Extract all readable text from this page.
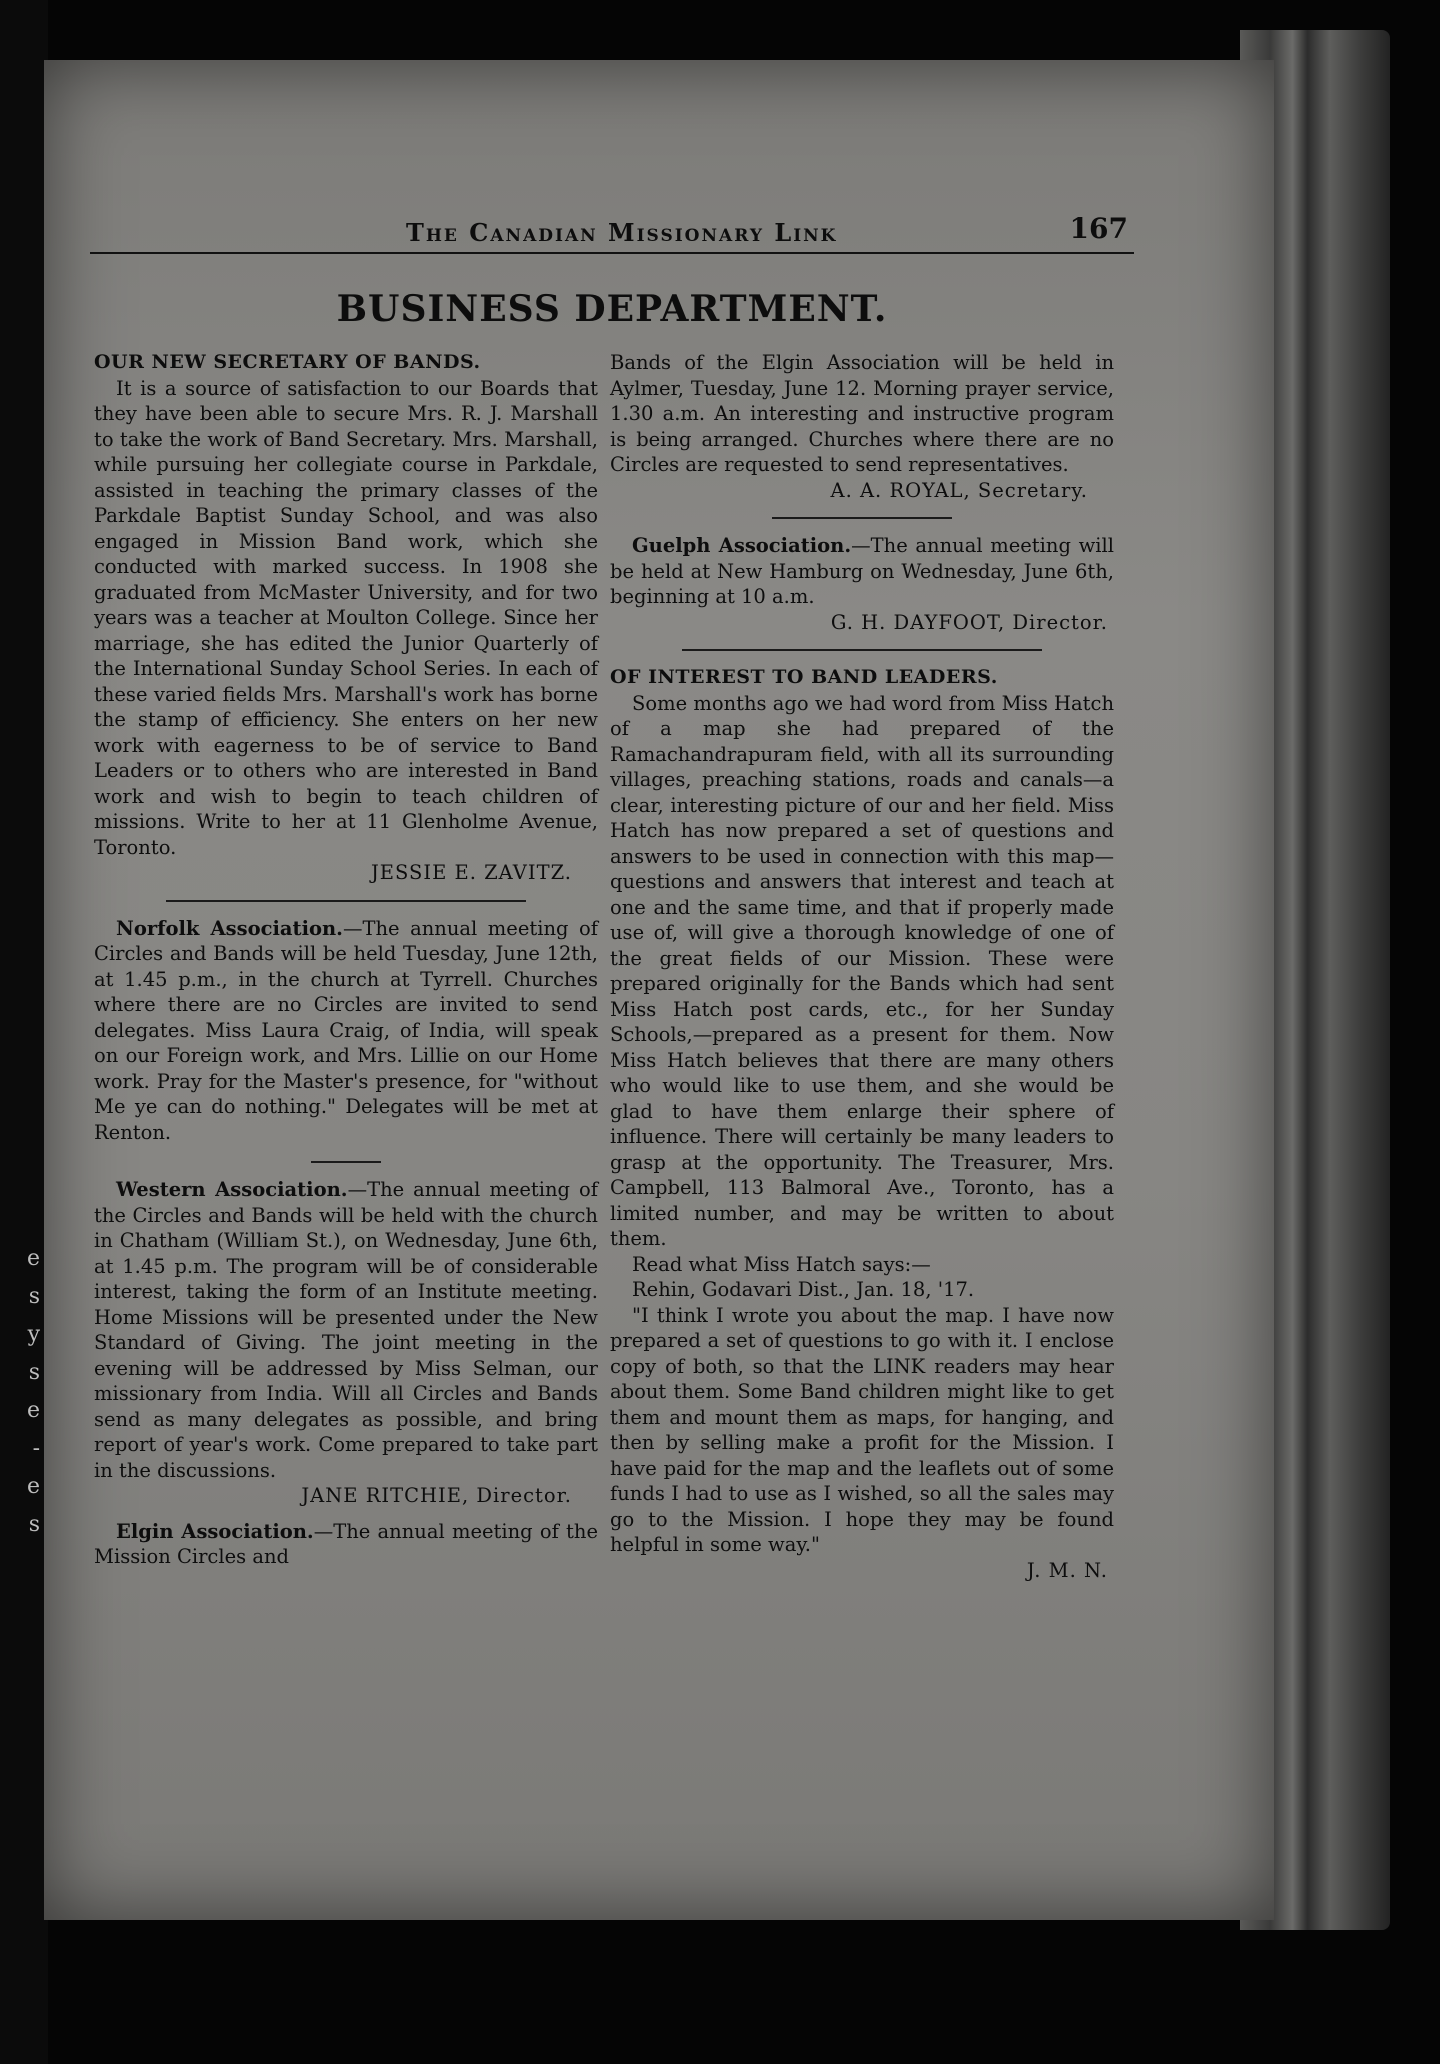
e
s
y
s
e
-
e
s
The Canadian Missionary Link	167
BUSINESS DEPARTMENT.

OUR NEW SECRETARY OF BANDS.

It is a source of satisfaction to our Boards that they have been able to secure Mrs. R. J. Marshall to take the work of Band Secretary. Mrs. Marshall, while pursuing her collegiate course in Parkdale, assisted in teaching the primary classes of the Parkdale Baptist Sunday School, and was also engaged in Mission Band work, which she conducted with marked success. In 1908 she graduated from McMaster University, and for two years was a teacher at Moulton College. Since her marriage, she has edited the Junior Quarterly of the International Sunday School Series. In each of these varied fields Mrs. Marshall's work has borne the stamp of efficiency. She enters on her new work with eagerness to be of service to Band Leaders or to others who are interested in Band work and wish to begin to teach children of missions. Write to her at 11 Glenholme Avenue, Toronto.

JESSIE E. ZAVITZ.

Norfolk Association.—The annual meeting of Circles and Bands will be held Tuesday, June 12th, at 1.45 p.m., in the church at Tyrrell. Churches where there are no Circles are invited to send delegates. Miss Laura Craig, of India, will speak on our Foreign work, and Mrs. Lillie on our Home work. Pray for the Master's presence, for "without Me ye can do nothing." Delegates will be met at Renton.

Western Association.—The annual meeting of the Circles and Bands will be held with the church in Chatham (William St.), on Wednesday, June 6th, at 1.45 p.m. The program will be of considerable interest, taking the form of an Institute meeting. Home Missions will be presented under the New Standard of Giving. The joint meeting in the evening will be addressed by Miss Selman, our missionary from India. Will all Circles and Bands send as many delegates as possible, and bring report of year's work. Come prepared to take part in the discussions.

JANE RITCHIE, Director.

Elgin Association.—The annual meeting of the Mission Circles and

Bands of the Elgin Association will be held in Aylmer, Tuesday, June 12. Morning prayer service, 1.30 a.m. An interesting and instructive program is being arranged. Churches where there are no Circles are requested to send representatives.

A. A. ROYAL, Secretary.

Guelph Association.—The annual meeting will be held at New Hamburg on Wednesday, June 6th, beginning at 10 a.m.

G. H. DAYFOOT, Director.

OF INTEREST TO BAND LEADERS.

Some months ago we had word from Miss Hatch of a map she had prepared of the Ramachandrapuram field, with all its surrounding villages, preaching stations, roads and canals—a clear, interesting picture of our and her field. Miss Hatch has now prepared a set of questions and answers to be used in connection with this map—questions and answers that interest and teach at one and the same time, and that if properly made use of, will give a thorough knowledge of one of the great fields of our Mission. These were prepared originally for the Bands which had sent Miss Hatch post cards, etc., for her Sunday Schools,—prepared as a present for them. Now Miss Hatch believes that there are many others who would like to use them, and she would be glad to have them enlarge their sphere of influence. There will certainly be many leaders to grasp at the opportunity. The Treasurer, Mrs. Campbell, 113 Balmoral Ave., Toronto, has a limited number, and may be written to about them.

Read what Miss Hatch says:—

Rehin, Godavari Dist., Jan. 18, '17.

"I think I wrote you about the map. I have now prepared a set of questions to go with it. I enclose copy of both, so that the LINK readers may hear about them. Some Band children might like to get them and mount them as maps, for hanging, and then by selling make a profit for the Mission. I have paid for the map and the leaflets out of some funds I had to use as I wished, so all the sales may go to the Mission. I hope they may be found helpful in some way."

J. M. N.
